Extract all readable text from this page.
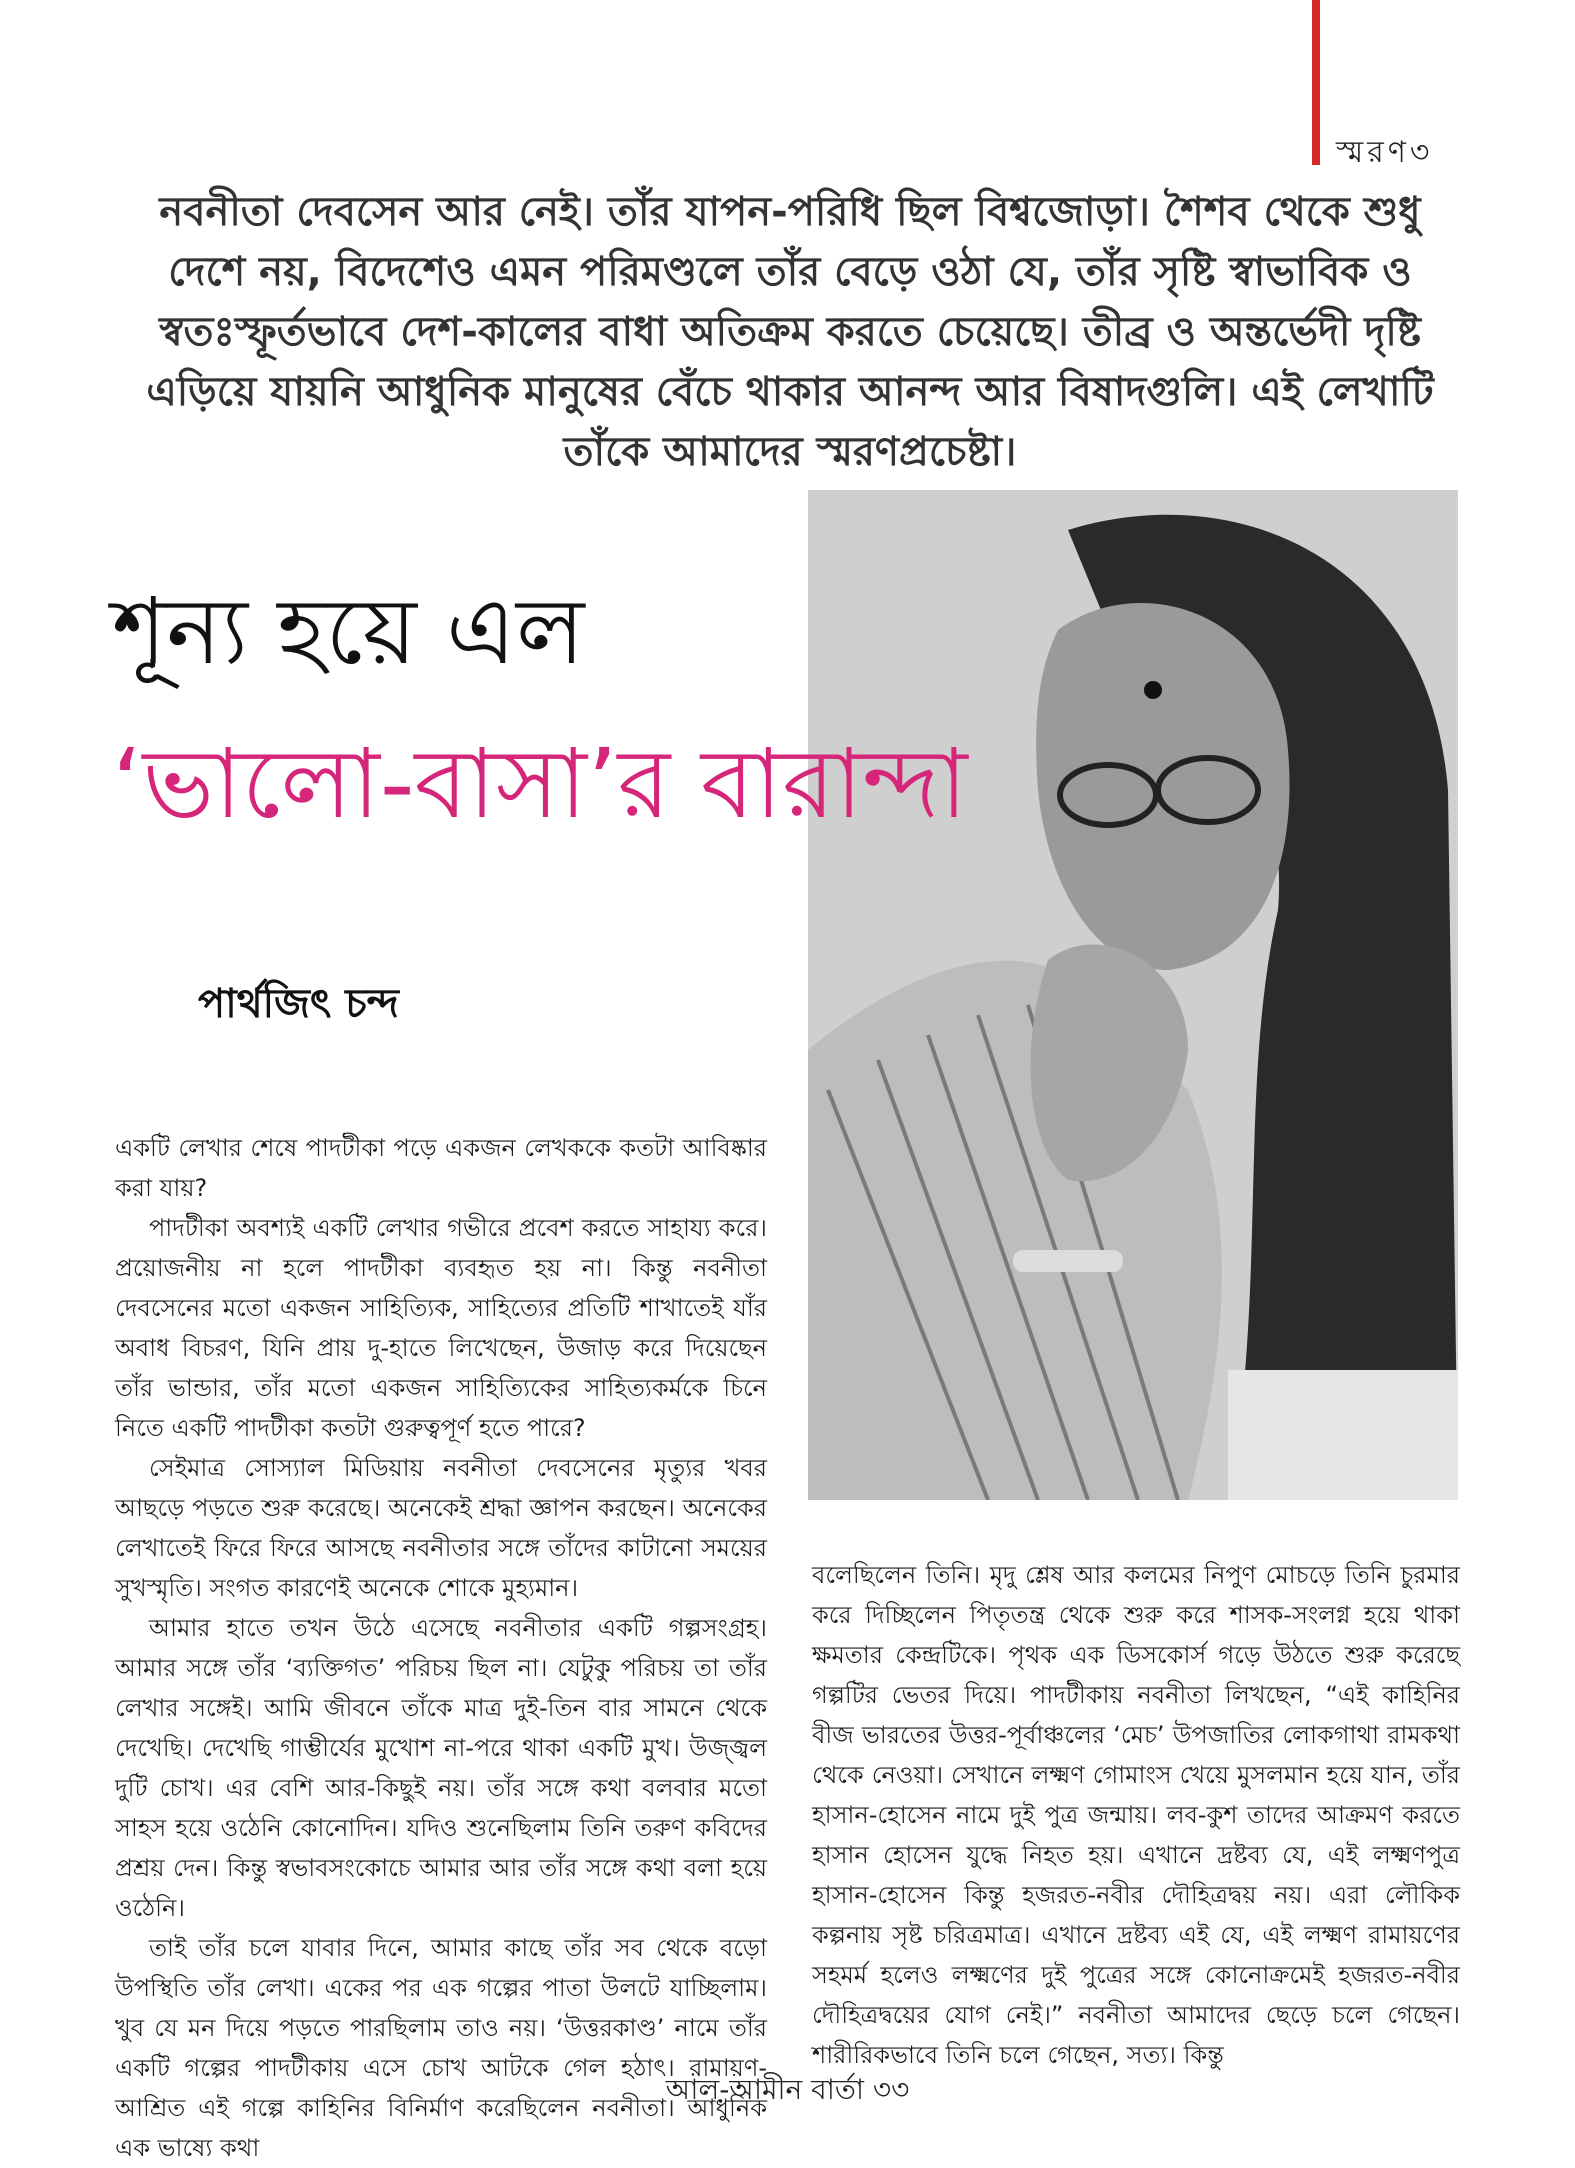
স্মরণ৩
নবনীতা দেবসেন আর নেই। তাঁর যাপন-পরিধি ছিল বিশ্বজোড়া। শৈশব থেকে শুধু দেশে নয়, বিদেশেও এমন পরিমণ্ডলে তাঁর বেড়ে ওঠা যে, তাঁর সৃষ্টি স্বাভাবিক ও স্বতঃস্ফূর্তভাবে দেশ-কালের বাধা অতিক্রম করতে চেয়েছে। তীব্র ও অন্তর্ভেদী দৃষ্টি এড়িয়ে যায়নি আধুনিক মানুষের বেঁচে থাকার আনন্দ আর বিষাদগুলি। এই লেখাটি তাঁকে আমাদের স্মরণপ্রচেষ্টা।
শূন্য হয়ে এল
‘ভালো-বাসা’র বারান্দা
পার্থজিৎ চন্দ

একটি লেখার শেষে পাদটীকা পড়ে একজন লেখককে কতটা আবিষ্কার করা যায়?

পাদটীকা অবশ্যই একটি লেখার গভীরে প্রবেশ করতে সাহায্য করে। প্রয়োজনীয় না হলে পাদটীকা ব্যবহৃত হয় না। কিন্তু নবনীতা দেবসেনের মতো একজন সাহিত্যিক, সাহিত্যের প্রতিটি শাখাতেই যাঁর অবাধ বিচরণ, যিনি প্রায় দু-হাতে লিখেছেন, উজাড় করে দিয়েছেন তাঁর ভান্ডার, তাঁর মতো একজন সাহিত্যিকের সাহিত্যকর্মকে চিনে নিতে একটি পাদটীকা কতটা গুরুত্বপূর্ণ হতে পারে?

সেইমাত্র সোস্যাল মিডিয়ায় নবনীতা দেবসেনের মৃত্যুর খবর আছড়ে পড়তে শুরু করেছে। অনেকেই শ্রদ্ধা জ্ঞাপন করছেন। অনেকের লেখাতেই ফিরে ফিরে আসছে নবনীতার সঙ্গে তাঁদের কাটানো সময়ের সুখস্মৃতি। সংগত কারণেই অনেকে শোকে মুহ্যমান।

আমার হাতে তখন উঠে এসেছে নবনীতার একটি গল্পসংগ্রহ। আমার সঙ্গে তাঁর ‘ব্যক্তিগত’ পরিচয় ছিল না। যেটুকু পরিচয় তা তাঁর লেখার সঙ্গেই। আমি জীবনে তাঁকে মাত্র দুই-তিন বার সামনে থেকে দেখেছি। দেখেছি গাম্ভীর্যের মুখোশ না-পরে থাকা একটি মুখ। উজ্জ্বল দুটি চোখ। এর বেশি আর-কিছুই নয়। তাঁর সঙ্গে কথা বলবার মতো সাহস হয়ে ওঠেনি কোনোদিন। যদিও শুনেছিলাম তিনি তরুণ কবিদের প্রশ্রয় দেন। কিন্তু স্বভাবসংকোচে আমার আর তাঁর সঙ্গে কথা বলা হয়ে ওঠেনি।

তাই তাঁর চলে যাবার দিনে, আমার কাছে তাঁর সব থেকে বড়ো উপস্থিতি তাঁর লেখা। একের পর এক গল্পের পাতা উলটে যাচ্ছিলাম। খুব যে মন দিয়ে পড়তে পারছিলাম তাও নয়। ‘উত্তরকাণ্ড’ নামে তাঁর একটি গল্পের পাদটীকায় এসে চোখ আটকে গেল হঠাৎ। রামায়ণ-আশ্রিত এই গল্পে কাহিনির বিনির্মাণ করেছিলেন নবনীতা। আধুনিক এক ভাষ্যে কথা

বলেছিলেন তিনি। মৃদু শ্লেষ আর কলমের নিপুণ মোচড়ে তিনি চুরমার করে দিচ্ছিলেন পিতৃতন্ত্র থেকে শুরু করে শাসক-সংলগ্ন হয়ে থাকা ক্ষমতার কেন্দ্রটিকে। পৃথক এক ডিসকোর্স গড়ে উঠতে শুরু করেছে গল্পটির ভেতর দিয়ে। পাদটীকায় নবনীতা লিখছেন, “এই কাহিনির বীজ ভারতের উত্তর-পূর্বাঞ্চলের ‘মেচ’ উপজাতির লোকগাথা রামকথা থেকে নেওয়া। সেখানে লক্ষ্মণ গোমাংস খেয়ে মুসলমান হয়ে যান, তাঁর হাসান-হোসেন নামে দুই পুত্র জন্মায়। লব-কুশ তাদের আক্রমণ করতে হাসান হোসেন যুদ্ধে নিহত হয়। এখানে দ্রষ্টব্য যে, এই লক্ষ্মণপুত্র হাসান-হোসেন কিন্তু হজরত-নবীর দৌহিত্রদ্বয় নয়। এরা লৌকিক কল্পনায় সৃষ্ট চরিত্রমাত্র। এখানে দ্রষ্টব্য এই যে, এই লক্ষ্মণ রামায়ণের সহমর্ম হলেও লক্ষ্মণের দুই পুত্রের সঙ্গে কোনোক্রমেই হজরত-নবীর দৌহিত্রদ্বয়ের যোগ নেই।” নবনীতা আমাদের ছেড়ে চলে গেছেন। শারীরিকভাবে তিনি চলে গেছেন, সত্য। কিন্তু

আল-আমীন বার্তা ৩৩
